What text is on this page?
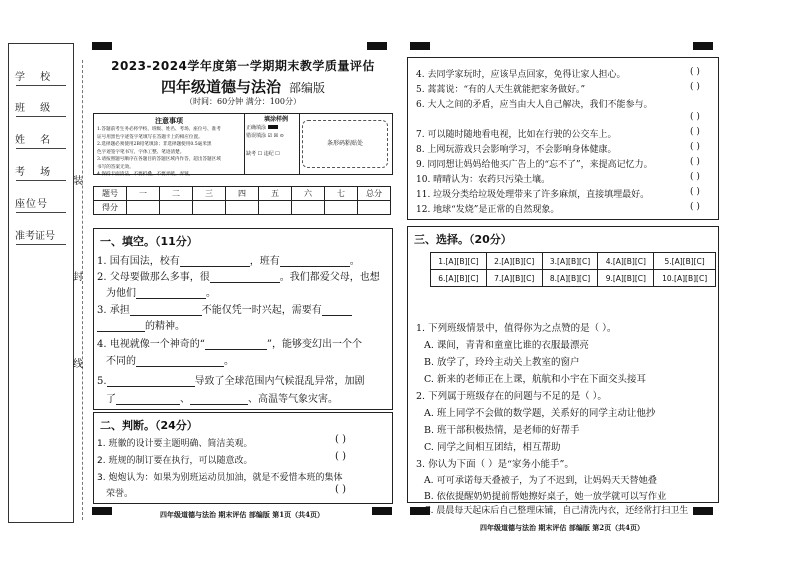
学 校
班 级
姓 名
考 场
座位号
准考证号
装
封
线
2023-2024学年度第一学期期末教学质量评估
四年级道德与法治 部编版
（时间：60分钟 满分：100分）
注意事项
1.答题前考生务必将学校、班级、姓名、考场、座位号、准考
证号用黑色字迹签字笔填写在答题卡上的相应位置。
2.选择题必须使用2B铅笔填涂；非选择题使用0.5毫米黑
色字迹签字笔书写，字体工整、笔迹清楚。
3.请按照题号顺序在各题目的答题区域内作答，超出答题区域
书写的答案无效。
4.保持卡面清洁，不要折叠、不要弄破、弄皱。
填涂样例
正确填涂
错误填涂 ☑ ☒ ⊙
缺考 ☐ 违纪 ☐
条形码粘贴处
题号	一	二	三	四	五	六	七	总分
得分								
一、填空。（11分）
1. 国有国法，校有	，班有	。
2. 父母要做那么多事，很	。我们都爱父母，也想
为他们	。
3. 承担	不能仅凭一时兴起，需要有
的精神。
4. 电视就像一个神奇的“	”，能够变幻出一个个
不同的	。
5.	导致了全球范围内气候混乱异常，加剧
了	、	、高温等气象灾害。
二、判断。（24分）
1. 班徽的设计要主题明确、简洁美观。	( )
2. 班规的制订要在执行，可以随意改。	( )
3. 炮炮认为：如果为别班运动员加油，就是不爱惜本班的集体
荣誉。	( )
四年级道德与法治 期末评估 部编版 第1页（共4页）
4. 去同学家玩时，应该早点回家，免得让家人担心。	( )
5. 蒿蒿说：“有的人天生就能把家务做好。”	( )
6. 大人之间的矛盾，应当由大人自己解决，我们不能参与。
( )
7. 可以随时随地看电视，比如在行驶的公交车上。	( )
8. 上网玩游戏只会影响学习，不会影响身体健康。	( )
9. 同同想让妈妈给他买广告上的“忘不了”，来提高记忆力。	( )
10. 晴晴认为：农药只污染土壤。	( )
11. 垃圾分类给垃圾处理带来了许多麻烦，直接填埋最好。	( )
12. 地球“发烧”是正常的自然现象。	( )
三、选择。（20分）
1.[A][B][C]	2.[A][B][C]	3.[A][B][C]	4.[A][B][C]	5.[A][B][C]
6.[A][B][C]	7.[A][B][C]	8.[A][B][C]	9.[A][B][C]	10.[A][B][C]
1. 下列班级情景中，值得你为之点赞的是（ ）。
A. 课间，青青和童童比谁的衣服最漂亮
B. 放学了，玲玲主动关上教室的窗户
C. 新来的老师正在上课，航航和小宇在下面交头接耳
2. 下列属于班级存在的问题与不足的是（ ）。
A. 班上同学不会做的数学题，关系好的同学主动让他抄
B. 班干部积极热情，是老师的好帮手
C. 同学之间相互团结，相互帮助
3. 你认为下面（ ）是“家务小能手”。
A. 可可承诺每天叠被子，为了不迟到，让妈妈天天替她叠
B. 依依提醒奶奶提前帮她擦好桌子，她一放学就可以写作业
C. 晨晨每天起床后自己整理床铺，自己清洗内衣，还经常打扫卫生
四年级道德与法治 期末评估 部编版 第2页（共4页）
